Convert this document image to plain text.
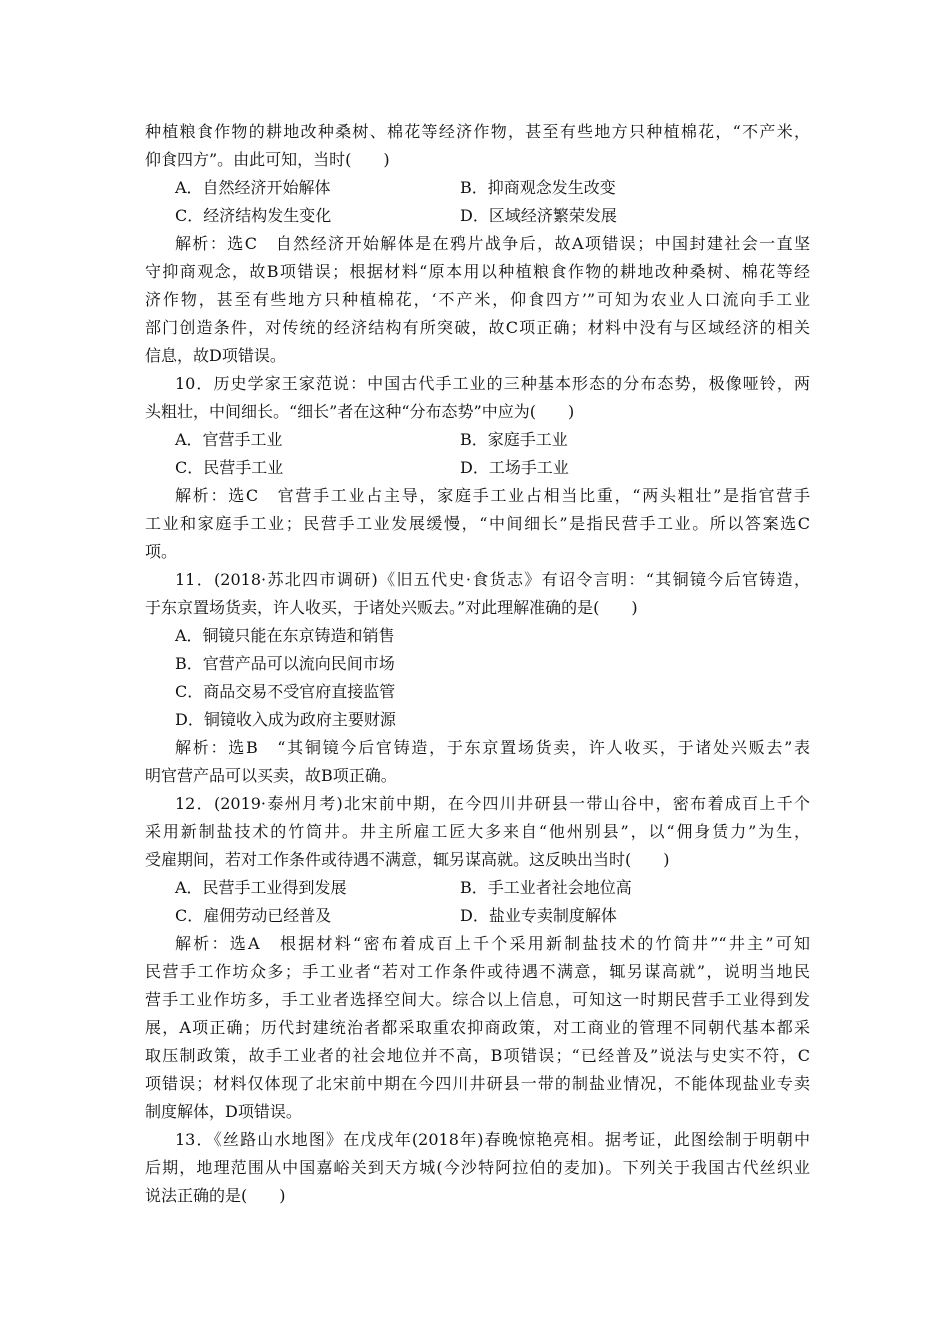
种植粮食作物的耕地改种桑树、棉花等经济作物，甚至有些地方只种植棉花，“不产米，
仰食四方”。由此可知，当时(　　)
A．自然经济开始解体	B．抑商观念发生改变
C．经济结构发生变化	D．区域经济繁荣发展
解析：选C　自然经济开始解体是在鸦片战争后，故A项错误；中国封建社会一直坚
守抑商观念，故B项错误；根据材料“原本用以种植粮食作物的耕地改种桑树、棉花等经
济作物，甚至有些地方只种植棉花，‘不产米，仰食四方’”可知为农业人口流向手工业
部门创造条件，对传统的经济结构有所突破，故C项正确；材料中没有与区域经济的相关
信息，故D项错误。
10．历史学家王家范说：中国古代手工业的三种基本形态的分布态势，极像哑铃，两
头粗壮，中间细长。“细长”者在这种“分布态势”中应为(　　)
A．官营手工业	B．家庭手工业
C．民营手工业	D．工场手工业
解析：选C　官营手工业占主导，家庭手工业占相当比重，“两头粗壮”是指官营手
工业和家庭手工业；民营手工业发展缓慢，“中间细长”是指民营手工业。所以答案选C
项。
11．(2018·苏北四市调研)《旧五代史·食货志》有诏令言明：“其铜镜今后官铸造，
于东京置场货卖，许人收买，于诸处兴贩去。”对此理解准确的是(　　)
A．铜镜只能在东京铸造和销售
B．官营产品可以流向民间市场
C．商品交易不受官府直接监管
D．铜镜收入成为政府主要财源
解析：选B　“其铜镜今后官铸造，于东京置场货卖，许人收买，于诸处兴贩去”表
明官营产品可以买卖，故B项正确。
12．(2019·泰州月考)北宋前中期，在今四川井研县一带山谷中，密布着成百上千个
采用新制盐技术的竹筒井。井主所雇工匠大多来自“他州别县”，以“佣身赁力”为生，
受雇期间，若对工作条件或待遇不满意，辄另谋高就。这反映出当时(　　)
A．民营手工业得到发展	B．手工业者社会地位高
C．雇佣劳动已经普及	D．盐业专卖制度解体
解析：选A　根据材料“密布着成百上千个采用新制盐技术的竹筒井”“井主”可知
民营手工作坊众多；手工业者“若对工作条件或待遇不满意，辄另谋高就”，说明当地民
营手工业作坊多，手工业者选择空间大。综合以上信息，可知这一时期民营手工业得到发
展，A项正确；历代封建统治者都采取重农抑商政策，对工商业的管理不同朝代基本都采
取压制政策，故手工业者的社会地位并不高，B项错误；“已经普及”说法与史实不符，C
项错误；材料仅体现了北宋前中期在今四川井研县一带的制盐业情况，不能体现盐业专卖
制度解体，D项错误。
13．《丝路山水地图》在戊戌年(2018年)春晚惊艳亮相。据考证，此图绘制于明朝中
后期，地理范围从中国嘉峪关到天方城(今沙特阿拉伯的麦加)。下列关于我国古代丝织业
说法正确的是(　　)
